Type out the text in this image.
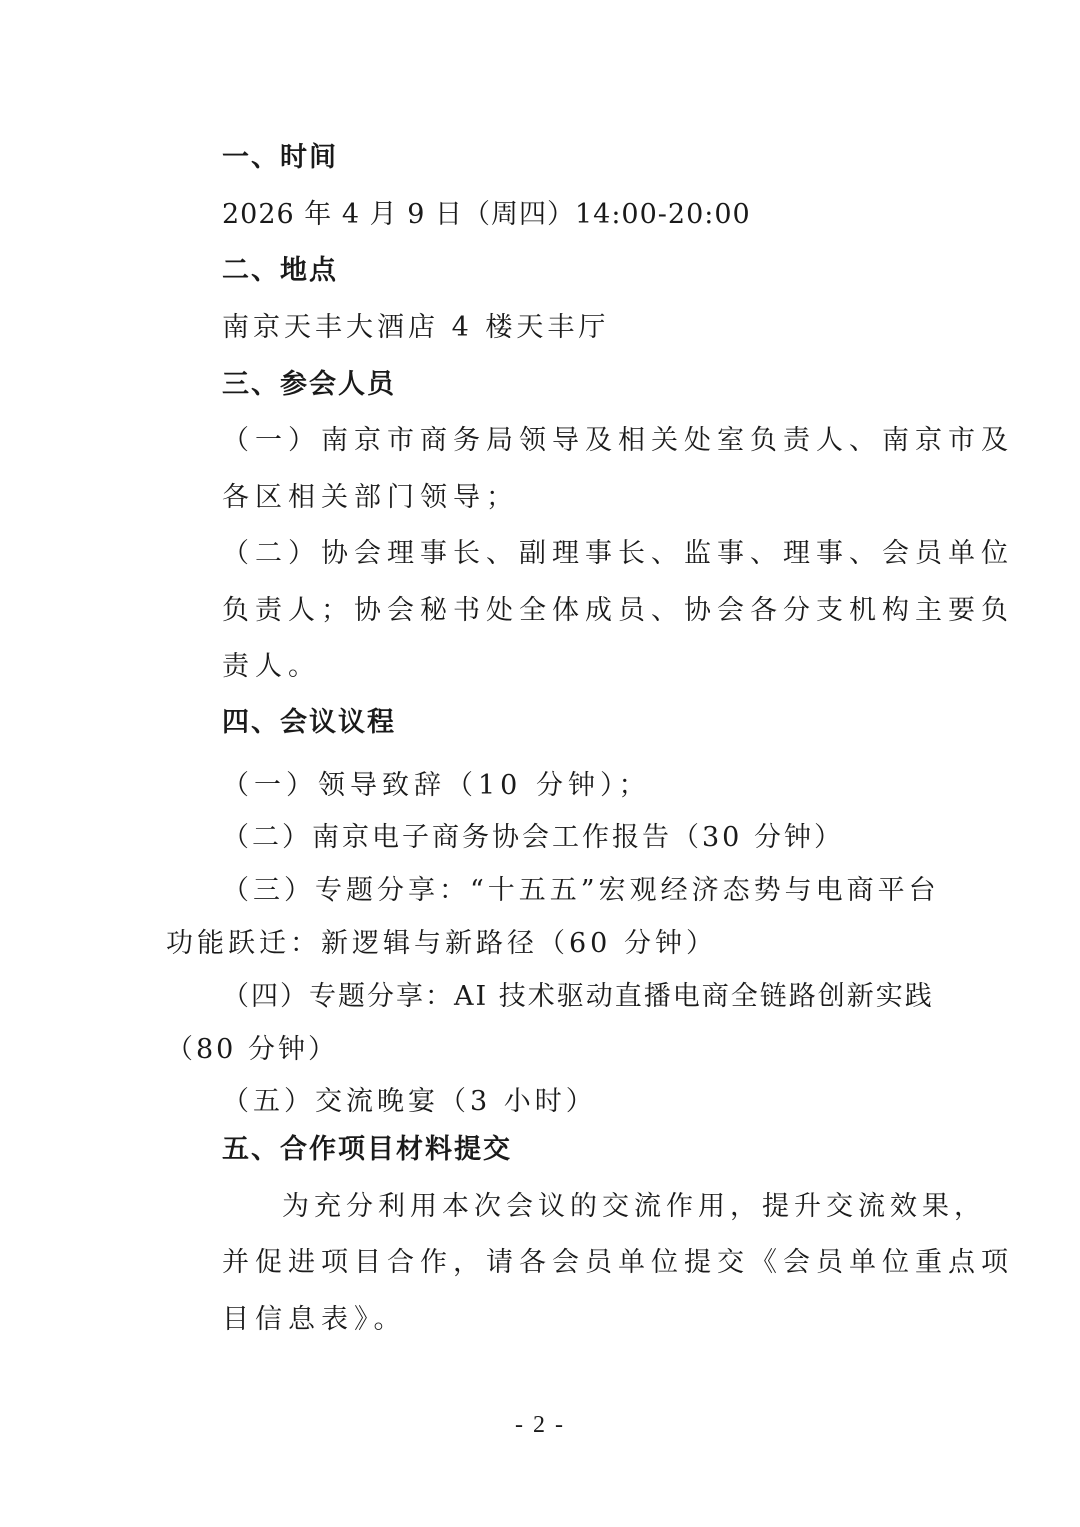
一、时间
2026 年 4 月 9 日（周四）14:00-20:00
二、地点
南京天丰大酒店 4 楼天丰厅
三、参会人员
（一）南京市商务局领导及相关处室负责人、南京市及
各区相关部门领导；
（二）协会理事长、副理事长、监事、理事、会员单位
负责人；协会秘书处全体成员、协会各分支机构主要负
责人。
四、会议议程
（一）领导致辞（10 分钟）；
（二）南京电子商务协会工作报告（30 分钟）
（三）专题分享：“十五五”宏观经济态势与电商平台
功能跃迁：新逻辑与新路径（60 分钟）
（四）专题分享：AI 技术驱动直播电商全链路创新实践
（80 分钟）
（五）交流晚宴（3 小时）
五、合作项目材料提交
为充分利用本次会议的交流作用，提升交流效果，
并促进项目合作，请各会员单位提交《会员单位重点项
目信息表》。
- 2 -
